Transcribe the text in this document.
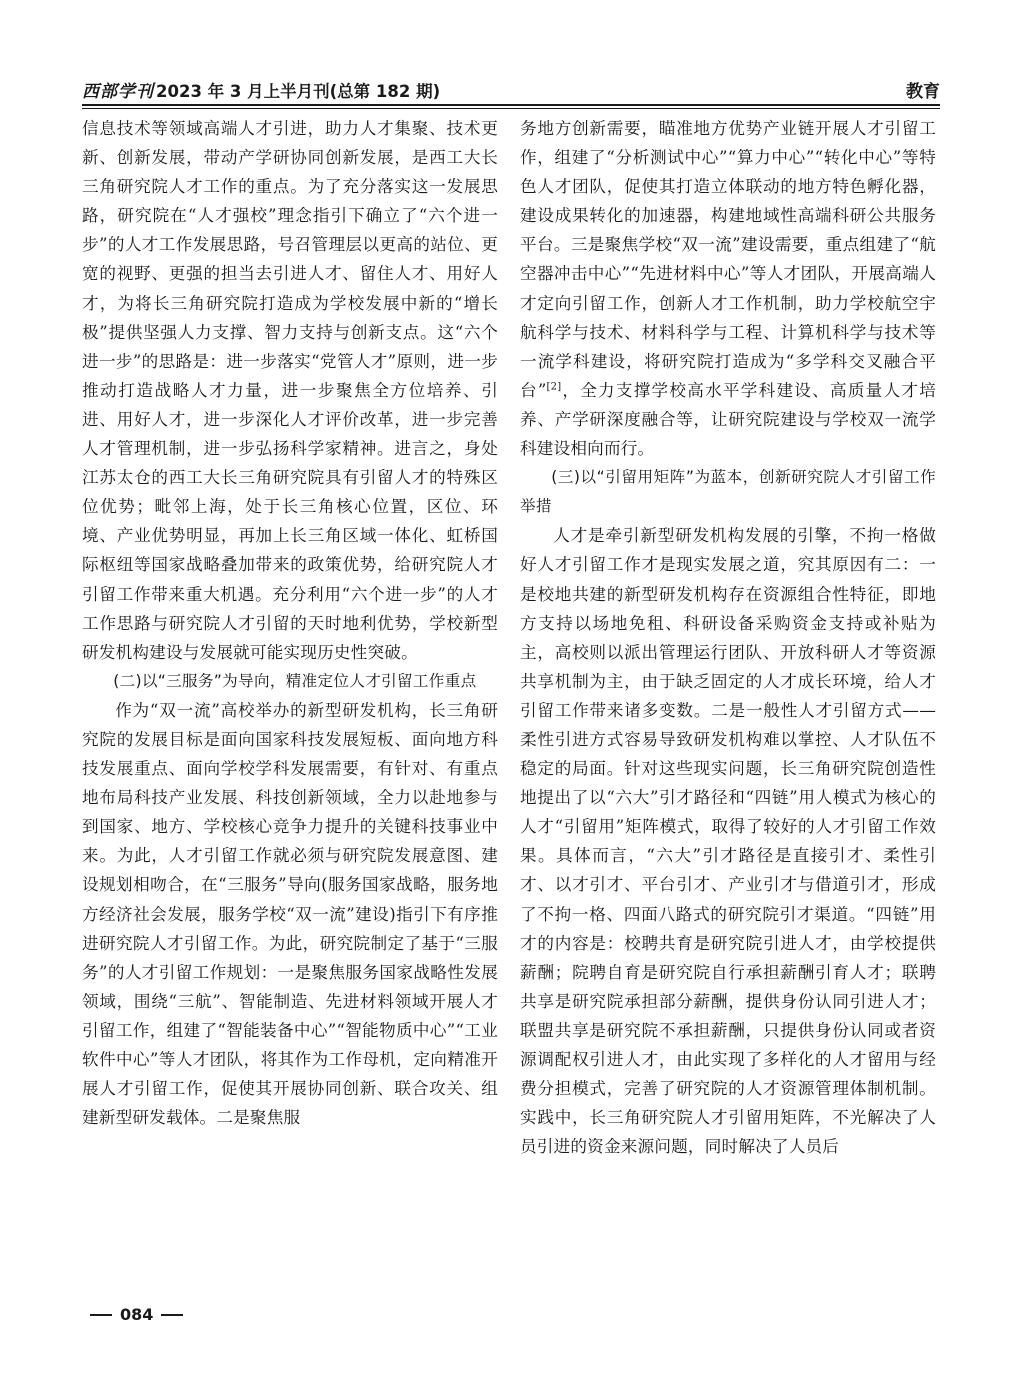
西部学刊 2023 年 3 月上半月刊(总第 182 期)	教育

信息技术等领域高端人才引进，助力人才集聚、技术更新、创新发展，带动产学研协同创新发展，是西工大长三角研究院人才工作的重点。为了充分落实这一发展思路，研究院在“人才强校”理念指引下确立了“六个进一步”的人才工作发展思路，号召管理层以更高的站位、更宽的视野、更强的担当去引进人才、留住人才、用好人才，为将长三角研究院打造成为学校发展中新的“增长极”提供坚强人力支撑、智力支持与创新支点。这“六个进一步”的思路是：进一步落实“党管人才”原则，进一步推动打造战略人才力量，进一步聚焦全方位培养、引进、用好人才，进一步深化人才评价改革，进一步完善人才管理机制，进一步弘扬科学家精神。进言之，身处江苏太仓的西工大长三角研究院具有引留人才的特殊区位优势；毗邻上海，处于长三角核心位置，区位、环境、产业优势明显，再加上长三角区域一体化、虹桥国际枢纽等国家战略叠加带来的政策优势，给研究院人才引留工作带来重大机遇。充分利用“六个进一步”的人才工作思路与研究院人才引留的天时地利优势，学校新型研发机构建设与发展就可能实现历史性突破。

(二)以“三服务”为导向，精准定位人才引留工作重点

作为“双一流”高校举办的新型研发机构，长三角研究院的发展目标是面向国家科技发展短板、面向地方科技发展重点、面向学校学科发展需要，有针对、有重点地布局科技产业发展、科技创新领域，全力以赴地参与到国家、地方、学校核心竞争力提升的关键科技事业中来。为此，人才引留工作就必须与研究院发展意图、建设规划相吻合，在“三服务”导向(服务国家战略，服务地方经济社会发展，服务学校“双一流”建设)指引下有序推进研究院人才引留工作。为此，研究院制定了基于“三服务”的人才引留工作规划：一是聚焦服务国家战略性发展领域，围绕“三航”、智能制造、先进材料领域开展人才引留工作，组建了“智能装备中心”“智能物质中心”“工业软件中心”等人才团队，将其作为工作母机，定向精准开展人才引留工作，促使其开展协同创新、联合攻关、组建新型研发载体。二是聚焦服

务地方创新需要，瞄准地方优势产业链开展人才引留工作，组建了“分析测试中心”“算力中心”“转化中心”等特色人才团队，促使其打造立体联动的地方特色孵化器，建设成果转化的加速器，构建地域性高端科研公共服务平台。三是聚焦学校“双一流”建设需要，重点组建了“航空器冲击中心”“先进材料中心”等人才团队，开展高端人才定向引留工作，创新人才工作机制，助力学校航空宇航科学与技术、材料科学与工程、计算机科学与技术等一流学科建设，将研究院打造成为“多学科交叉融合平台”[2]，全力支撑学校高水平学科建设、高质量人才培养、产学研深度融合等，让研究院建设与学校双一流学科建设相向而行。

(三)以“引留用矩阵”为蓝本，创新研究院人才引留工作举措

人才是牵引新型研发机构发展的引擎，不拘一格做好人才引留工作才是现实发展之道，究其原因有二：一是校地共建的新型研发机构存在资源组合性特征，即地方支持以场地免租、科研设备采购资金支持或补贴为主，高校则以派出管理运行团队、开放科研人才等资源共享机制为主，由于缺乏固定的人才成长环境，给人才引留工作带来诸多变数。二是一般性人才引留方式——柔性引进方式容易导致研发机构难以掌控、人才队伍不稳定的局面。针对这些现实问题，长三角研究院创造性地提出了以“六大”引才路径和“四链”用人模式为核心的人才“引留用”矩阵模式，取得了较好的人才引留工作效果。具体而言，“六大”引才路径是直接引才、柔性引才、以才引才、平台引才、产业引才与借道引才，形成了不拘一格、四面八路式的研究院引才渠道。“四链”用才的内容是：校聘共育是研究院引进人才，由学校提供薪酬；院聘自育是研究院自行承担薪酬引育人才；联聘共享是研究院承担部分薪酬，提供身份认同引进人才；联盟共享是研究院不承担薪酬，只提供身份认同或者资源调配权引进人才，由此实现了多样化的人才留用与经费分担模式，完善了研究院的人才资源管理体制机制。实践中，长三角研究院人才引留用矩阵，不光解决了人员引进的资金来源问题，同时解决了人员后

084
